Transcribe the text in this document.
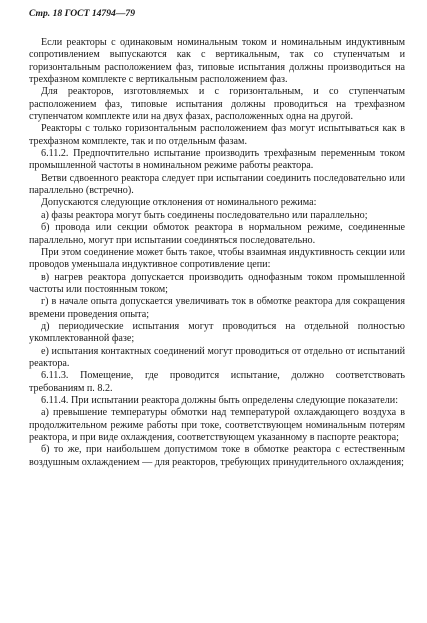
Стр. 18 ГОСТ 14794—79

Если реакторы с одинаковым номинальным током и номинальным индуктивным сопротивлением выпускаются как с вертикальным, так со ступенчатым и горизонтальным расположением фаз, типовые испытания должны производиться на трехфазном комплекте с вертикальным расположением фаз.

Для реакторов, изготовляемых и с горизонтальным, и со ступенчатым расположением фаз, типовые испытания должны проводиться на трехфазном ступенчатом комплекте или на двух фазах, расположенных одна на другой.

Реакторы с только горизонтальным расположением фаз могут испытываться как в трехфазном комплекте, так и по отдельным фазам.

6.11.2. Предпочтительно испытание производить трехфазным переменным током промышленной частоты в номинальном режиме работы реактора.

Ветви сдвоенного реактора следует при испытании соединить последовательно или параллельно (встречно).

Допускаются следующие отклонения от номинального режима:

а) фазы реактора могут быть соединены последовательно или параллельно;

б) провода или секции обмоток реактора в нормальном режиме, соединенные параллельно, могут при испытании соединяться последовательно.

При этом соединение может быть такое, чтобы взаимная индуктивность секции или проводов уменьшала индуктивное сопротивление цепи:

в) нагрев реактора допускается производить однофазным током промышленной частоты или постоянным током;

г) в начале опыта допускается увеличивать ток в обмотке реактора для сокращения времени проведения опыта;

д) периодические испытания могут проводиться на отдельной полностью укомплектованной фазе;

е) испытания контактных соединений могут проводиться от отдельно от испытаний реактора.

6.11.3. Помещение, где проводится испытание, должно соответствовать требованиям п. 8.2.

6.11.4. При испытании реактора должны быть определены следующие показатели:

а) превышение температуры обмотки над температурой охлаждающего воздуха в продолжительном режиме работы при токе, соответствующем номинальным потерям реактора, и при виде охлаждения, соответствующем указанному в паспорте реактора;

б) то же, при наибольшем допустимом токе в обмотке реактора с естественным воздушным охлаждением — для реакторов, требующих принудительного охлаждения;
